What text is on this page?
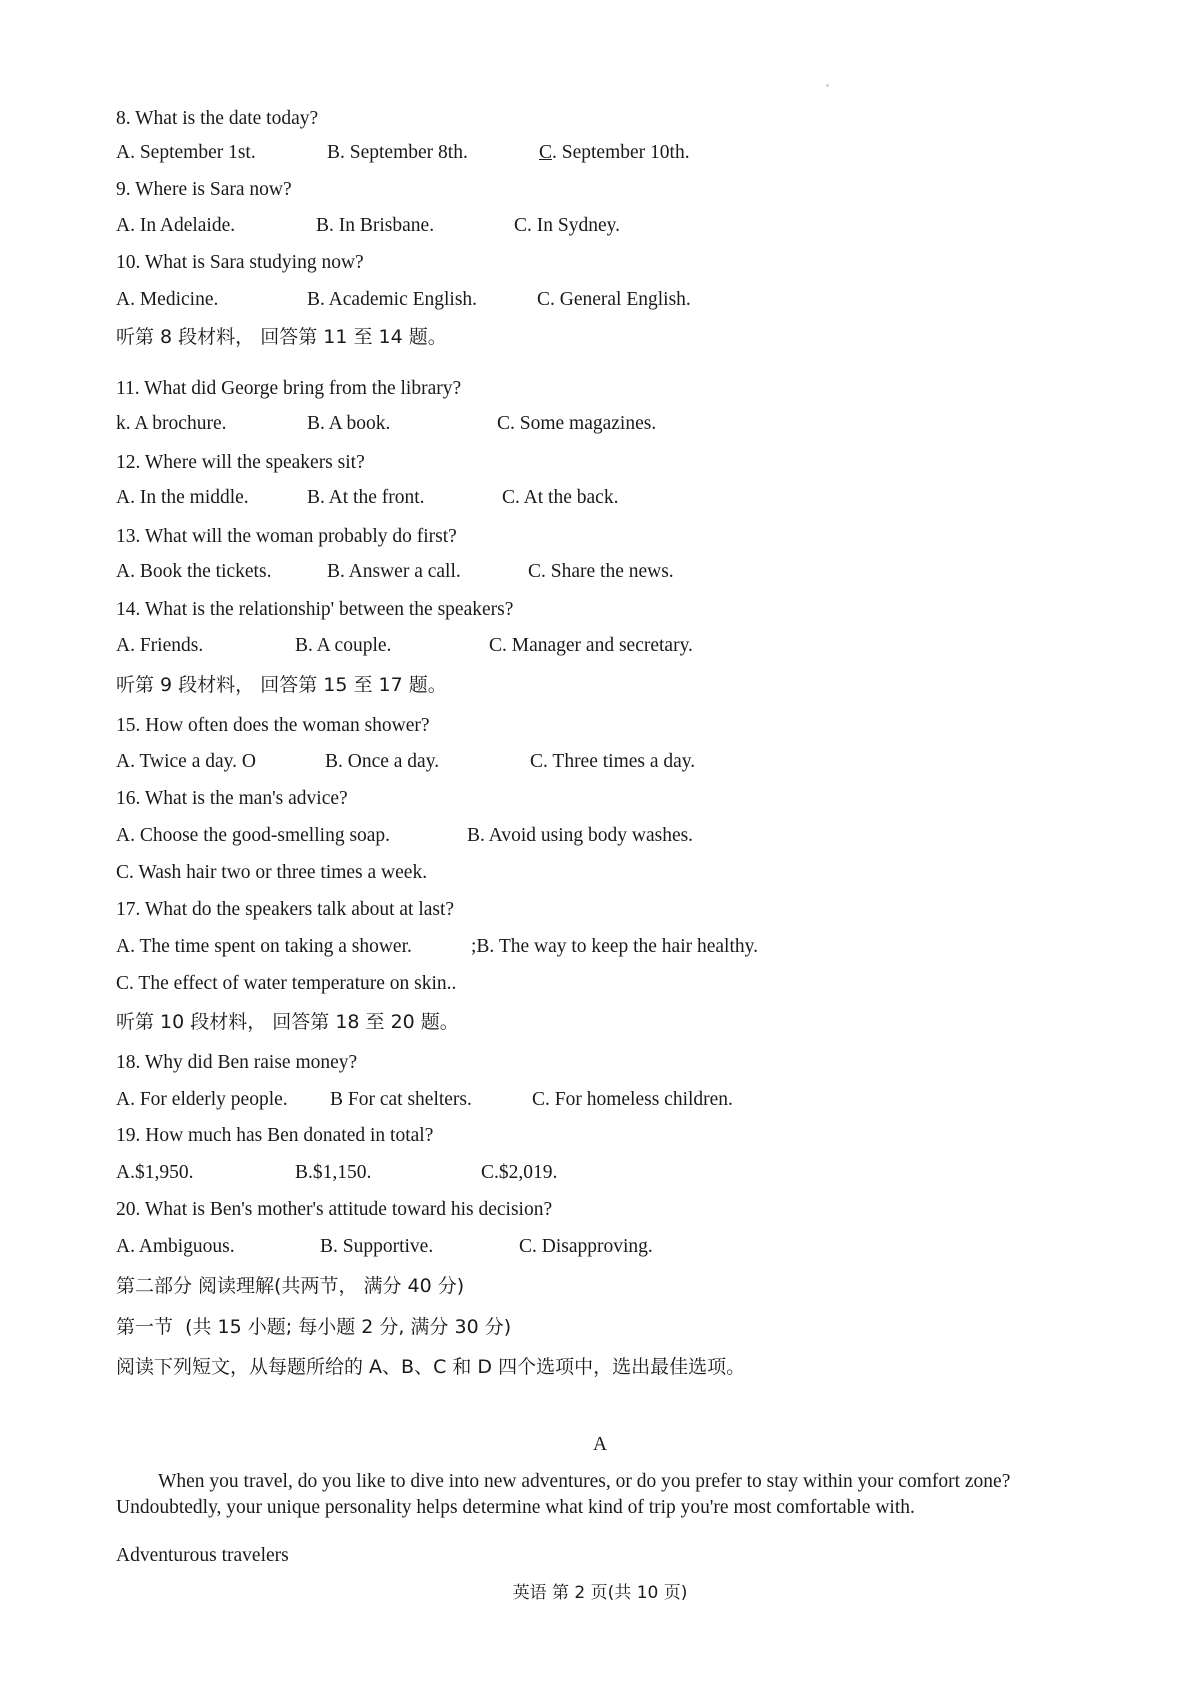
8. What is the date today?
A. September 1st.	B. September 8th.	C. September 10th.
9. Where is Sara now?
A. In Adelaide.	B. In Brisbane.	C. In Sydney.
10. What is Sara studying now?
A. Medicine.	B. Academic English.	C. General English.
听第 8 段材料， 回答第 11 至 14 题。
11. What did George bring from the library?
k. A brochure.	B. A book.	C. Some magazines.
12. Where will the speakers sit?
A. In the middle.	B. At the front.	C. At the back.
13. What will the woman probably do first?
A. Book the tickets.	B. Answer a call.	C. Share the news.
14. What is the relationship' between the speakers?
A. Friends.	B. A couple.	C. Manager and secretary.
听第 9 段材料， 回答第 15 至 17 题。
15. How often does the woman shower?
A. Twice a day. O	B. Once a day.	C. Three times a day.
16. What is the man's advice?
A. Choose the good-smelling soap.	B. Avoid using body washes.
C. Wash hair two or three times a week.
17. What do the speakers talk about at last?
A. The time spent on taking a shower.	;B. The way to keep the hair healthy.
C. The effect of water temperature on skin..
听第 10 段材料， 回答第 18 至 20 题。
18. Why did Ben raise money?
A. For elderly people. B For cat shelters.	C. For homeless children.
19. How much has Ben donated in total?
A.$1,950.	B.$1,150.	C.$2,019.
20. What is Ben's mother's attitude toward his decision?
A. Ambiguous.	B. Supportive.	C. Disapproving.
第二部分 阅读理解(共两节， 满分 40 分)
第一节  (共 15 小题; 每小题 2 分, 满分 30 分)
阅读下列短文，从每题所给的 A、B、C 和 D 四个选项中，选出最佳选项。
A
When you travel, do you like to dive into new adventures, or do you prefer to stay within your comfort zone? Undoubtedly, your unique personality helps determine what kind of trip you're most comfortable with.
Adventurous travelers
英语 第 2 页(共 10 页)
